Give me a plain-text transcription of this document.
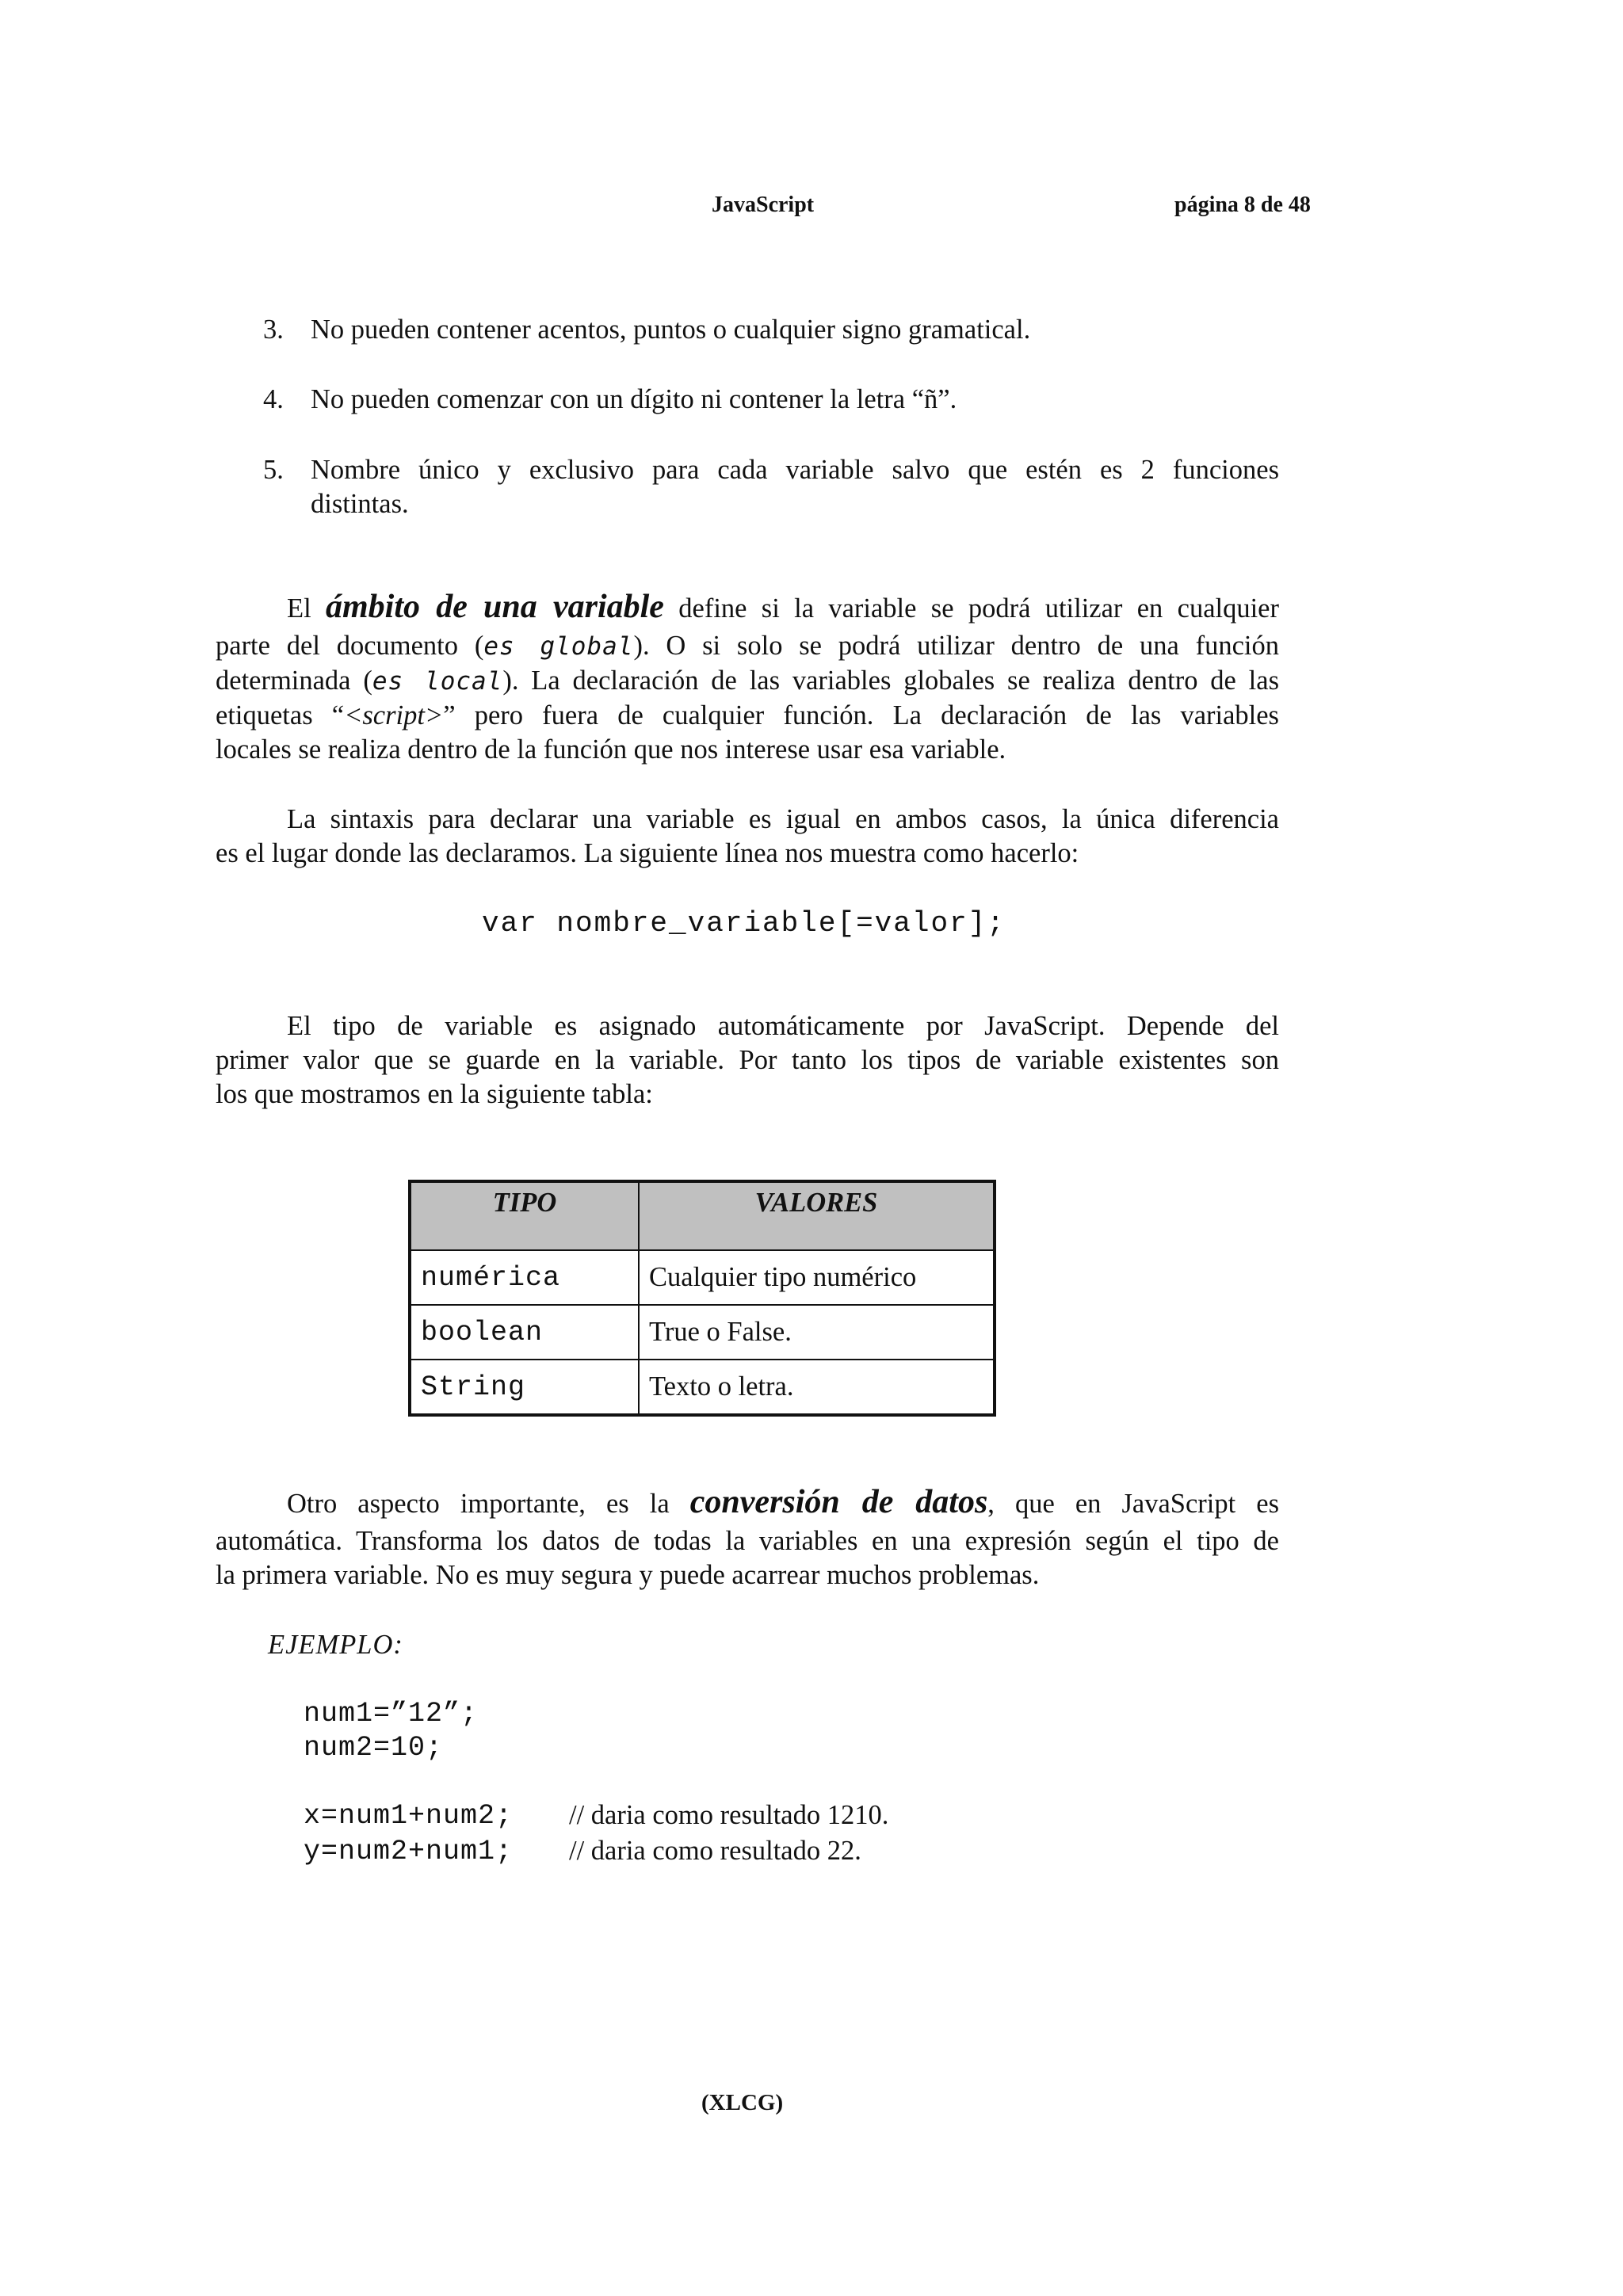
JavaScript	página 8 de 48
3. No pueden contener acentos, puntos o cualquier signo gramatical.
4. No pueden comenzar con un dígito ni contener la letra “ñ”.
5. Nombre único y exclusivo para cada variable salvo que estén es 2 funciones
distintas.
El ámbito de una variable define si la variable se podrá utilizar en cualquier
parte del documento (es global). O si solo se podrá utilizar dentro de una función
determinada (es local). La declaración de las variables globales se realiza dentro de las
etiquetas “<script>” pero fuera de cualquier función. La declaración de las variables
locales se realiza dentro de la función que nos interese usar esa variable.
La sintaxis para declarar una variable es igual en ambos casos, la única diferencia
es el lugar donde las declaramos. La siguiente línea nos muestra como hacerlo:
var nombre_variable[=valor];
El tipo de variable es asignado automáticamente por JavaScript. Depende del
primer valor que se guarde en la variable. Por tanto los tipos de variable existentes son
los que mostramos en la siguiente tabla:
TIPO	VALORES
numérica	Cualquier tipo numérico
boolean	True o False.
String	Texto o letra.
Otro aspecto importante, es la conversión de datos, que en JavaScript es
automática. Transforma los datos de todas la variables en una expresión según el tipo de
la primera variable. No es muy segura y puede acarrear muchos problemas.
EJEMPLO:
num1=”12”;
num2=10;
x=num1+num2; // daria como resultado 1210.
y=num2+num1; // daria como resultado 22.
(XLCG)
